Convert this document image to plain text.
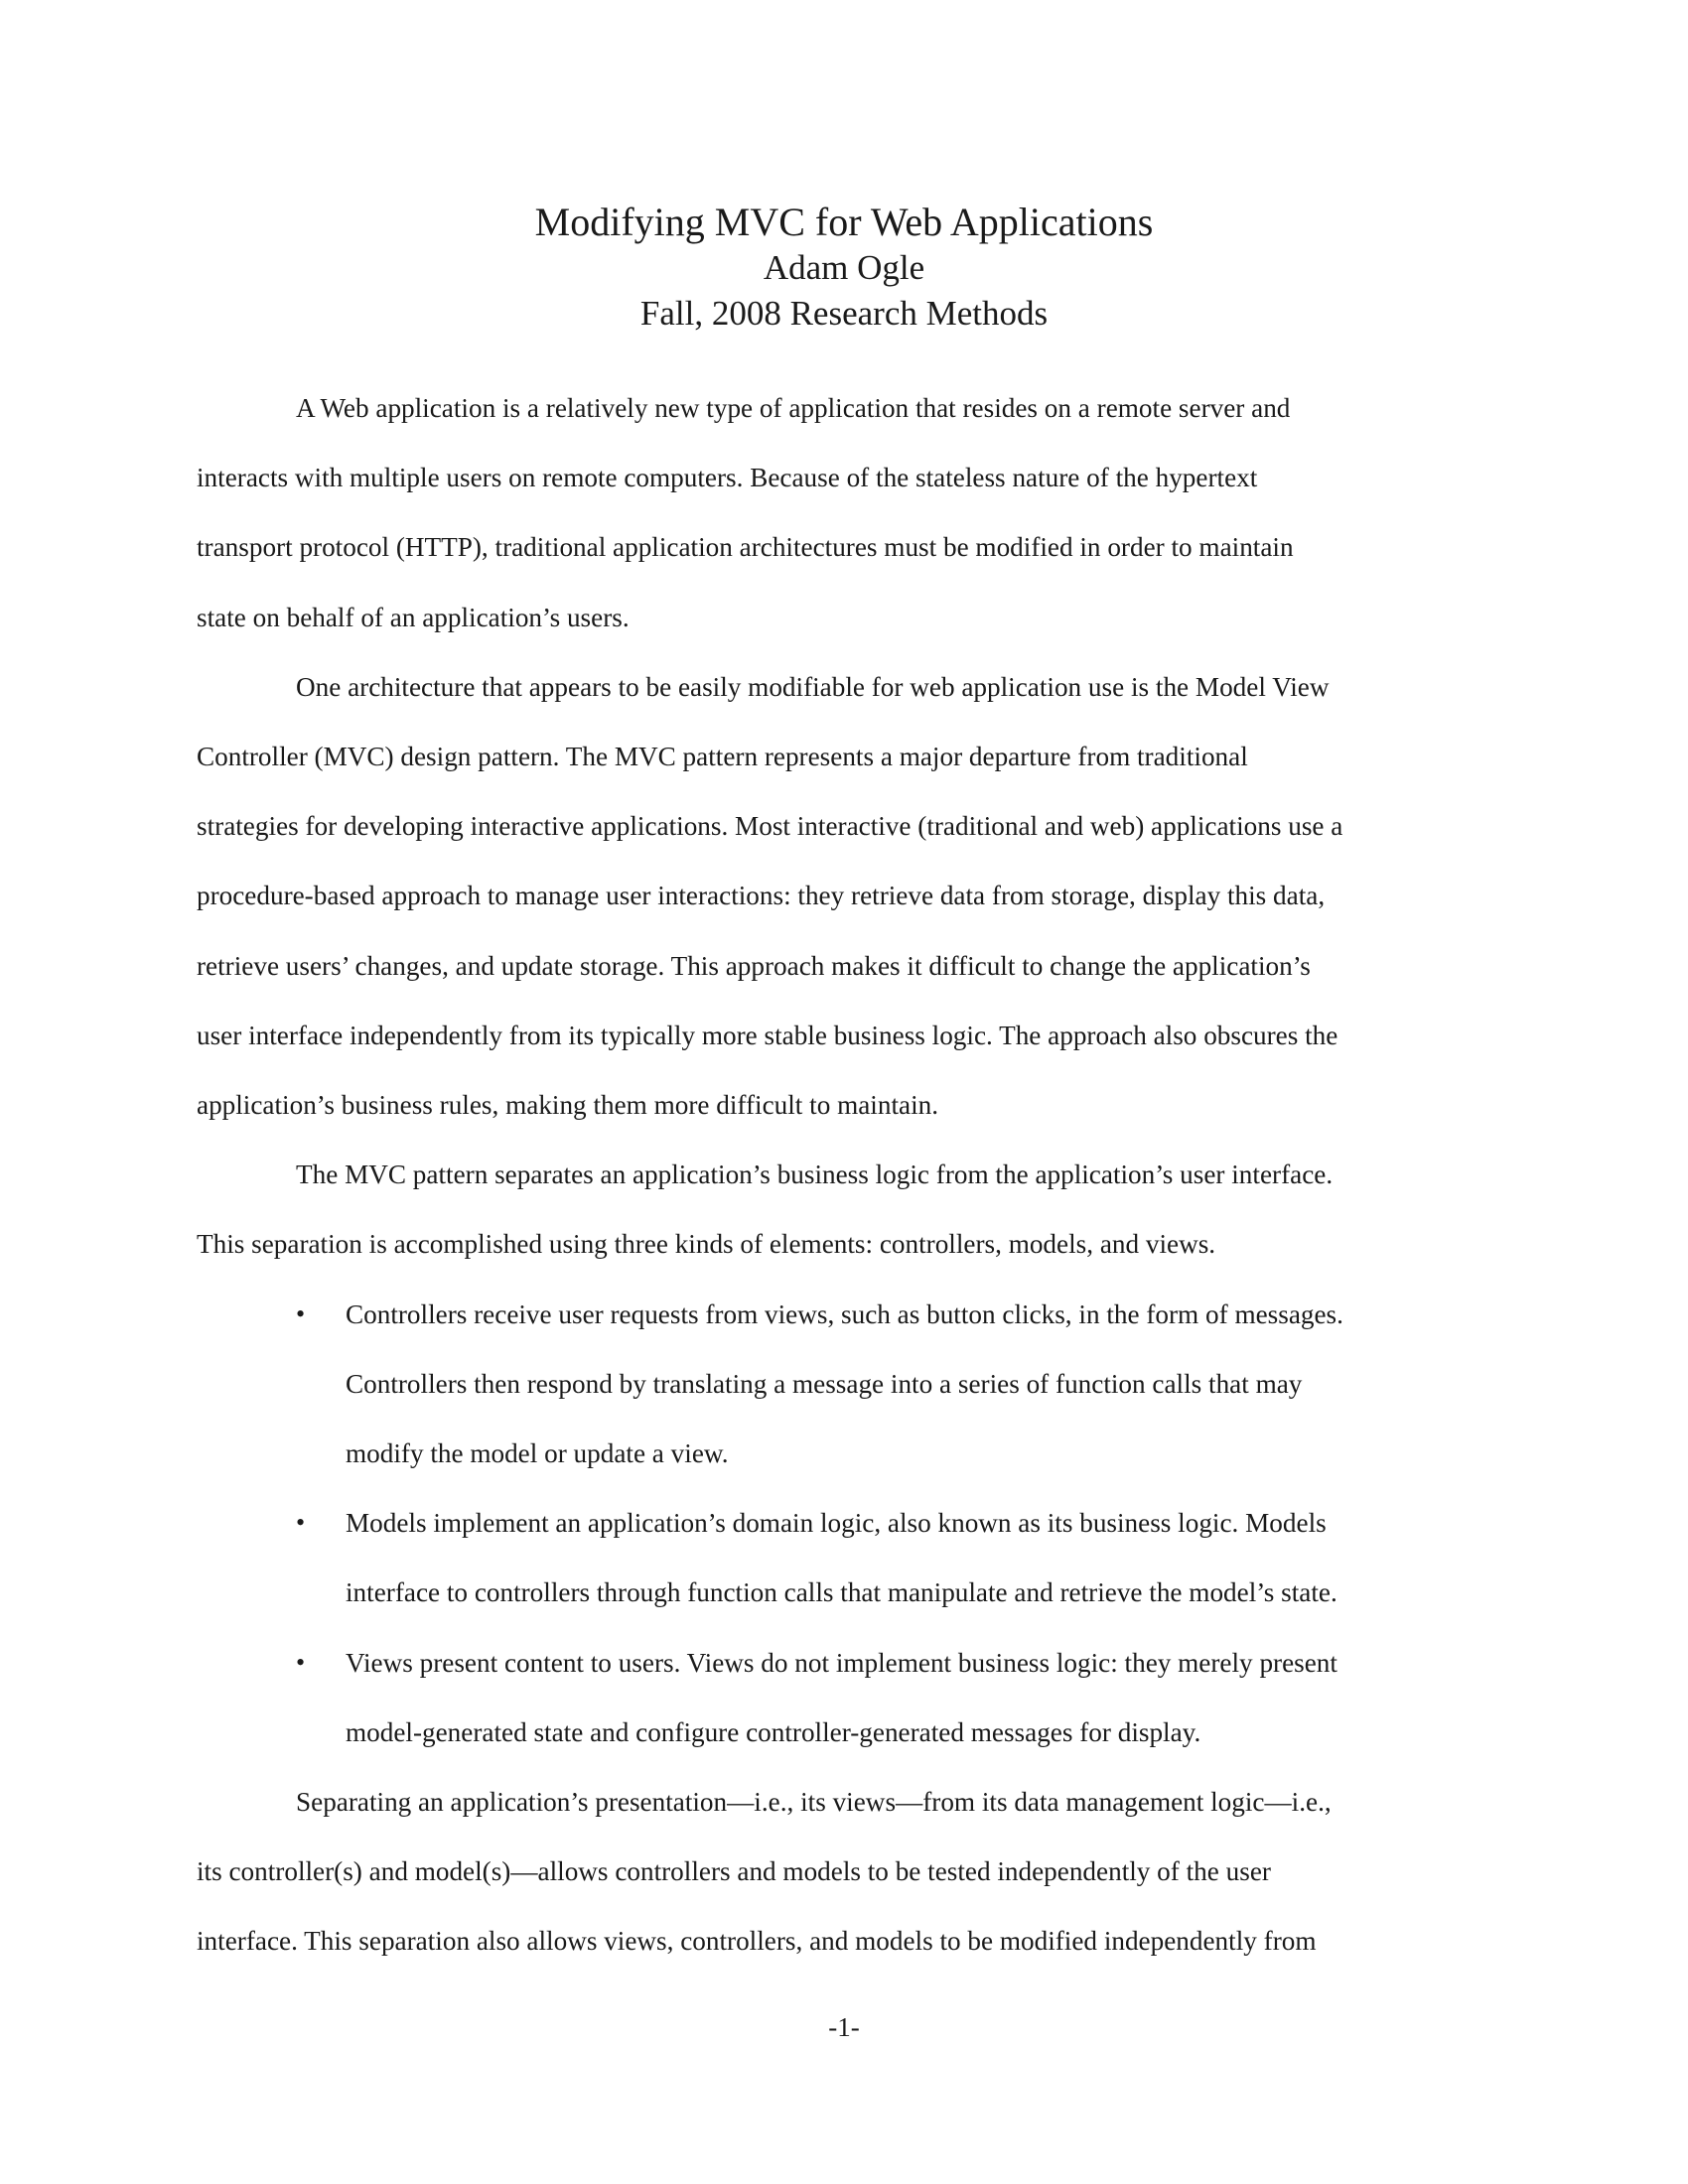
Modifying MVC for Web Applications
Adam Ogle
Fall, 2008 Research Methods
A Web application is a relatively new type of application that resides on a remote server and
interacts with multiple users on remote computers. Because of the stateless nature of the hypertext
transport protocol (HTTP), traditional application architectures must be modified in order to maintain
state on behalf of an application’s users.
One architecture that appears to be easily modifiable for web application use is the Model View
Controller (MVC) design pattern. The MVC pattern represents a major departure from traditional
strategies for developing interactive applications. Most interactive (traditional and web) applications use a
procedure-based approach to manage user interactions: they retrieve data from storage, display this data,
retrieve users’ changes, and update storage. This approach makes it difficult to change the application’s
user interface independently from its typically more stable business logic. The approach also obscures the
application’s business rules, making them more difficult to maintain.
The MVC pattern separates an application’s business logic from the application’s user interface.
This separation is accomplished using three kinds of elements: controllers, models, and views.
• Controllers receive user requests from views, such as button clicks, in the form of messages.
Controllers then respond by translating a message into a series of function calls that may
modify the model or update a view.
• Models implement an application’s domain logic, also known as its business logic. Models
interface to controllers through function calls that manipulate and retrieve the model’s state.
• Views present content to users. Views do not implement business logic: they merely present
model-generated state and configure controller-generated messages for display.
Separating an application’s presentation—i.e., its views—from its data management logic—i.e.,
its controller(s) and model(s)—allows controllers and models to be tested independently of the user
interface. This separation also allows views, controllers, and models to be modified independently from
-1-
